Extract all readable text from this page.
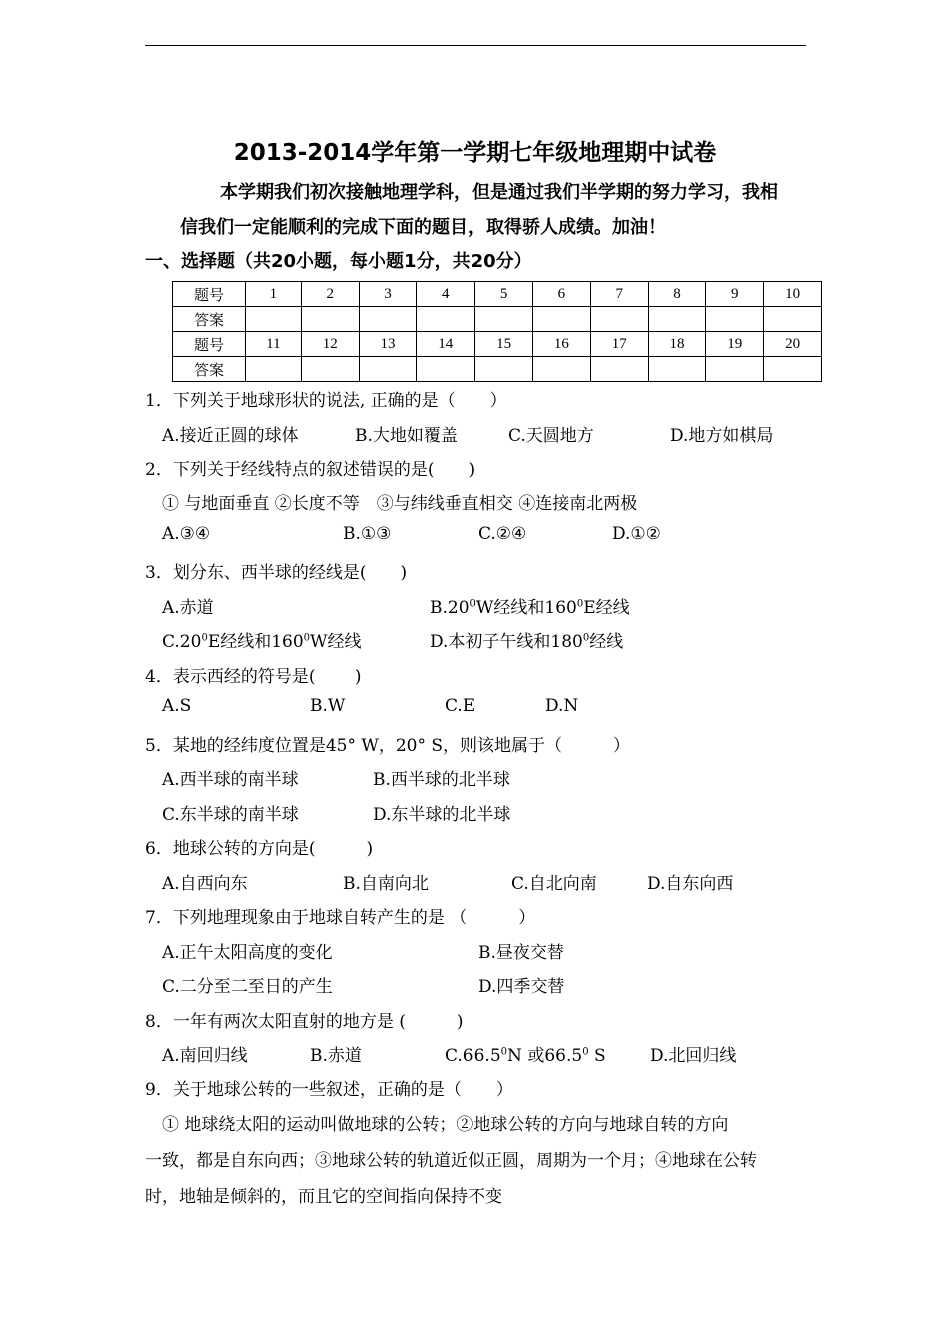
2013-2014学年第一学期七年级地理期中试卷
本学期我们初次接触地理学科，但是通过我们半学期的努力学习，我相
信我们一定能顺利的完成下面的题目，取得骄人成绩。加油！
一、选择题（共20小题，每小题1分，共20分）
题号	1	2	3	4	5	6	7	8	9	10
答案										
题号	11	12	13	14	15	16	17	18	19	20
答案										
1．下列关于地球形状的说法, 正确的是（　　）
A.接近正圆的球体	B.大地如覆盖	C.天圆地方	D.地方如棋局
2．下列关于经线特点的叙述错误的是(　　)
① 与地面垂直 ②长度不等　③与纬线垂直相交 ④连接南北两极
A.③④	B.①③	C.②④	D.①②
3．划分东、西半球的经线是(　　)
A.赤道	$B.20^0W$经线和$160^0E$经线
$C.20^0E$经线和$160^0W$经线	D.本初子午线和$180^0$经线
4．表示西经的符号是(　　 )
A.S	B.W	C.E	D.N
5．某地的经纬度位置是45° W，20° S，则该地属于（　　　）
A.西半球的南半球	B.西半球的北半球
C.东半球的南半球	D.东半球的北半球
6．地球公转的方向是(　　　)
A.自西向东	B.自南向北	C.自北向南	D.自东向西
7．下列地理现象由于地球自转产生的是 （　　　）
A.正午太阳高度的变化	B.昼夜交替
C.二分至二至日的产生	D.四季交替
8．一年有两次太阳直射的地方是 (　　　)
A.南回归线	B.赤道	C.66.5$^0$N 或66.5$^0$ S	D.北回归线
9．关于地球公转的一些叙述，正确的是（　　）
① 地球绕太阳的运动叫做地球的公转；②地球公转的方向与地球自转的方向
一致，都是自东向西；③地球公转的轨道近似正圆，周期为一个月；④地球在公转
时，地轴是倾斜的，而且它的空间指向保持不变
